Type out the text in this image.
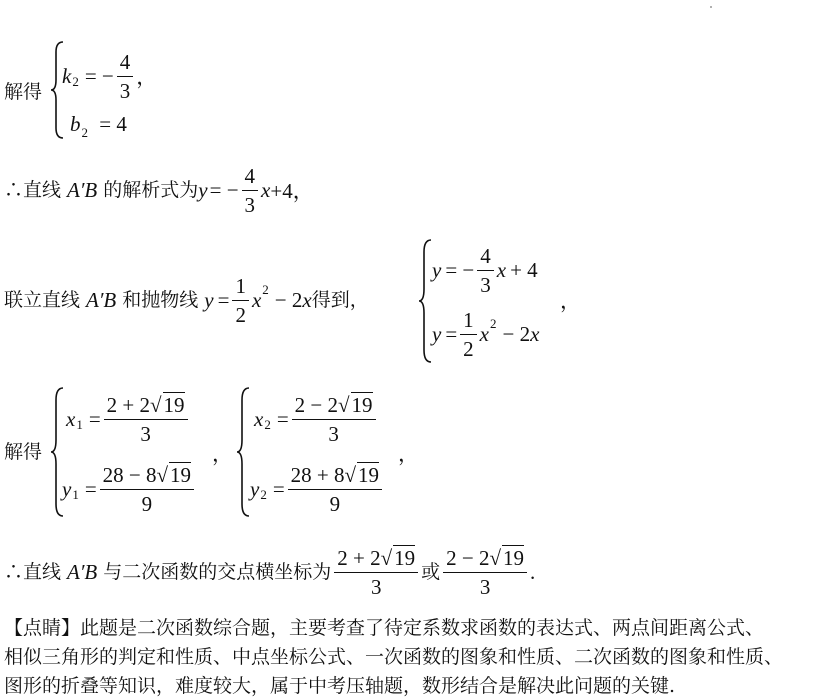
解得
k 2 = − $\frac{4}{3}$ ，
$b_2 = 4$
∴直线 A′B 的解析式为 y = − $\frac{4}{3}$ x +4，
联立直线 A′B 和抛物线 $y = \frac{1}{2}$ x 2 − 2 x 得到，
y = − $\frac{4}{3}$ x + 4
，
$y = \frac{1}{2}$ x 2 − 2 x
解得
x $1 = \frac{2 + 2√19}{3}$
，
y $1 = \frac{28 - 8√19}{9}$
x $2 = \frac{2 - 2√19}{3}$
，
y $2 = \frac{28 + 8√19}{9}$
∴直线 A′B 与二次函数的交点横坐标为 $\frac{2 + 2√19}{3}$ 或 $\frac{2 - 2√19}{3}$ .
【点睛】此题是二次函数综合题，主要考查了待定系数求函数的表达式、两点间距离公式、
相似三角形的判定和性质、中点坐标公式、一次函数的图象和性质、二次函数的图象和性质、
图形的折叠等知识，难度较大，属于中考压轴题，数形结合是解决此问题的关键.
